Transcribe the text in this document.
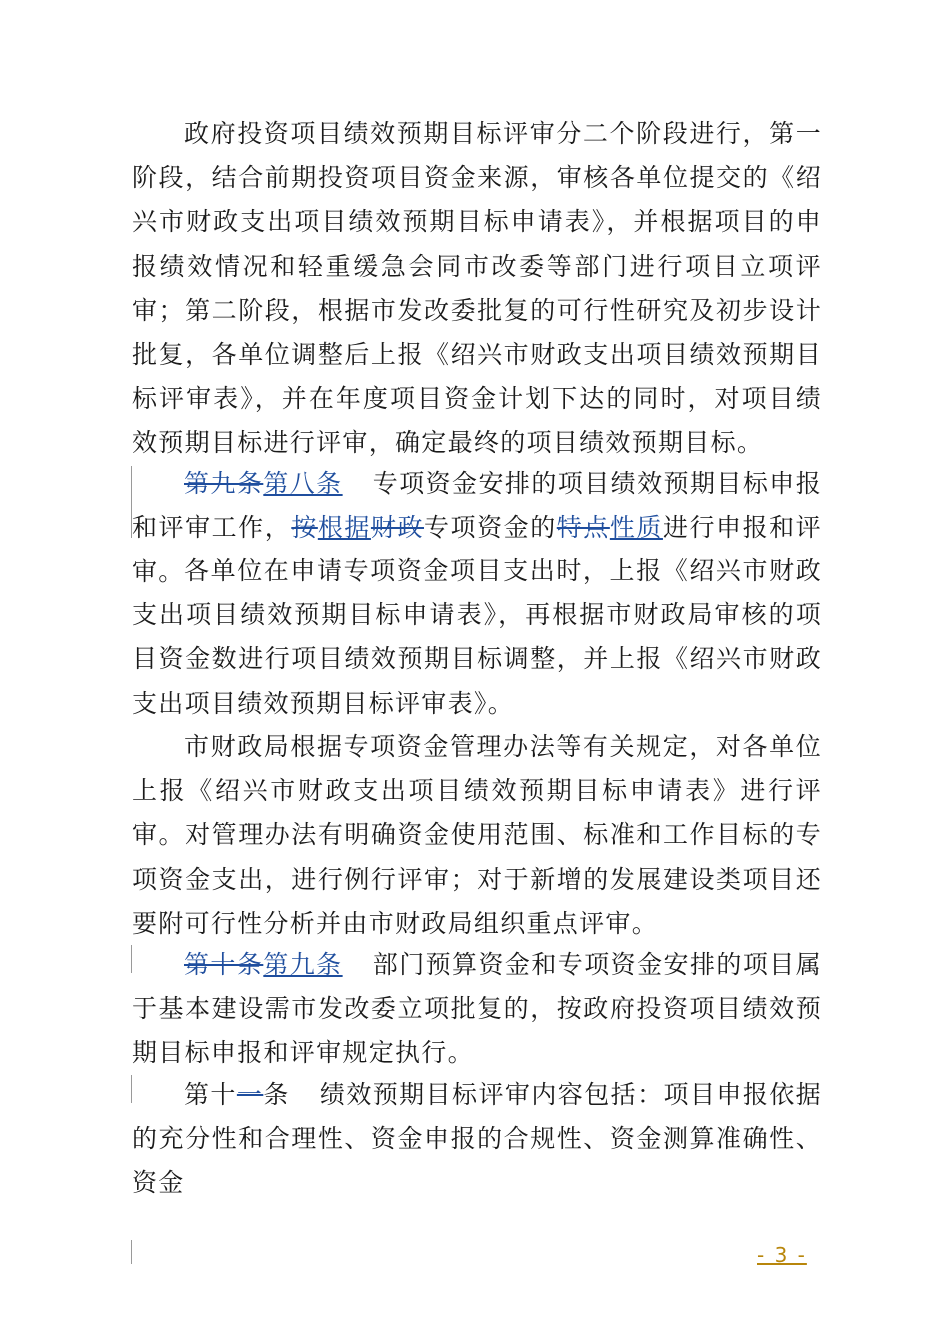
政府投资项目绩效预期目标评审分二个阶段进行，第一阶段，结合前期投资项目资金来源，审核各单位提交的《绍兴市财政支出项目绩效预期目标申请表》，并根据项目的申报绩效情况和轻重缓急会同市改委等部门进行项目立项评审；第二阶段，根据市发改委批复的可行性研究及初步设计批复，各单位调整后上报《绍兴市财政支出项目绩效预期目标评审表》，并在年度项目资金计划下达的同时，对项目绩效预期目标进行评审，确定最终的项目绩效预期目标。

第九条第八条 专项资金安排的项目绩效预期目标申报和评审工作，按根据财政专项资金的特点性质进行申报和评审。 各单位在申请专项资金项目支出时，上报《绍兴市财政支出项目绩效预期目标申请表》，再根据市财政局审核的项目资金数进行项目绩效预期目标调整，并上报《绍兴市财政支出项目绩效预期目标评审表》。

市财政局根据专项资金管理办法等有关规定，对各单位上报《绍兴市财政支出项目绩效预期目标申请表》进行评审。对管理办法有明确资金使用范围、标准和工作目标的专项资金支出，进行例行评审；对于新增的发展建设类项目还要附可行性分析并由市财政局组织重点评审。

第十条第九条 部门预算资金和专项资金安排的项目属于基本建设需市发改委立项批复的，按政府投资项目绩效预期目标申报和评审规定执行。

第十一条 绩效预期目标评审内容包括：项目申报依据的充分性和合理性、资金申报的合规性、资金测算准确性、资金

- 3 -
